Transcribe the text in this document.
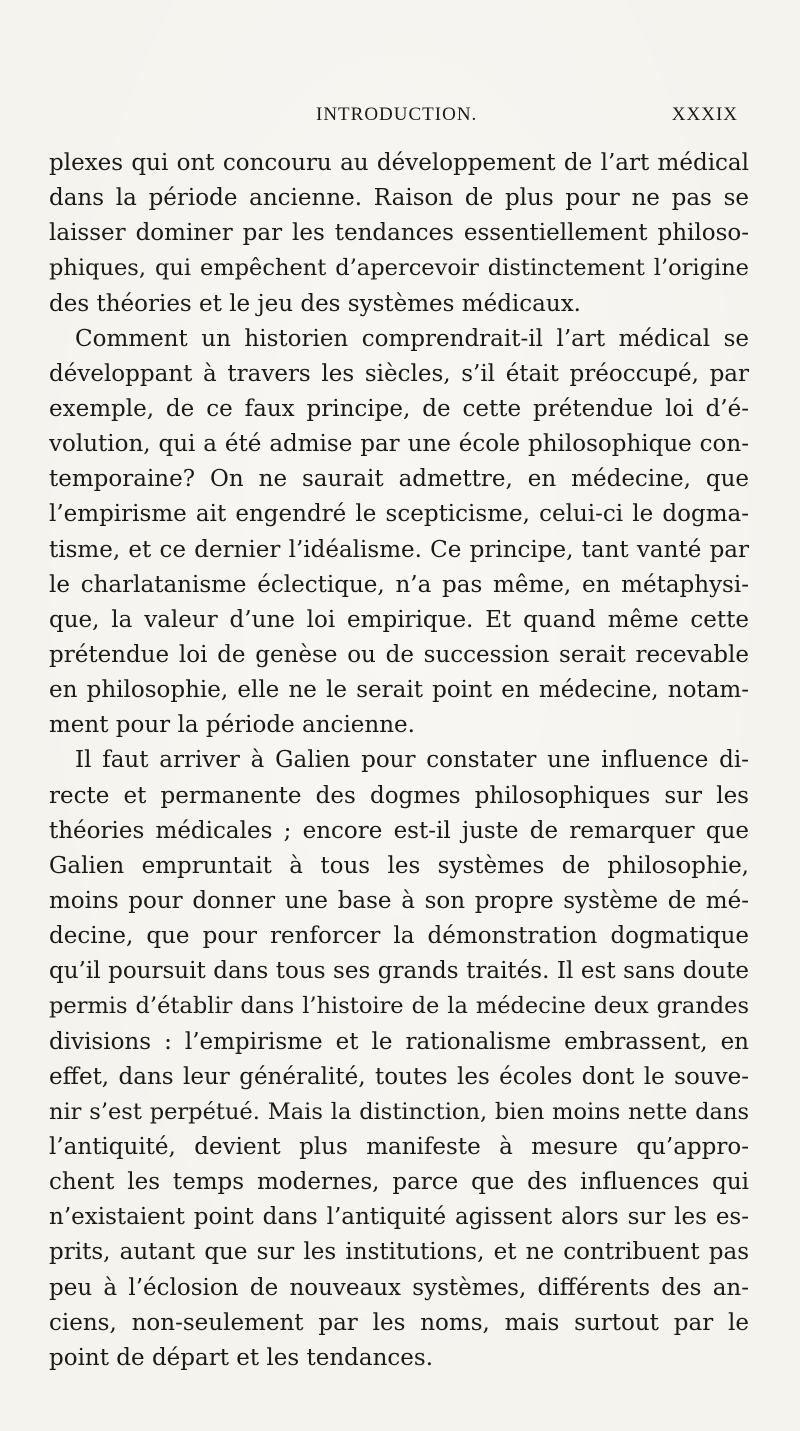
INTRODUCTION.	XXXIX
plexes qui ont concouru au développement de l’art médical
dans la période ancienne. Raison de plus pour ne pas se
laisser dominer par les tendances essentiellement philoso-
phiques, qui empêchent d’apercevoir distinctement l’origine
des théories et le jeu des systèmes médicaux.
Comment un historien comprendrait-il l’art médical se
développant à travers les siècles, s’il était préoccupé, par
exemple, de ce faux principe, de cette prétendue loi d’é-
volution, qui a été admise par une école philosophique con-
temporaine? On ne saurait admettre, en médecine, que
l’empirisme ait engendré le scepticisme, celui-ci le dogma-
tisme, et ce dernier l’idéalisme. Ce principe, tant vanté par
le charlatanisme éclectique, n’a pas même, en métaphysi-
que, la valeur d’une loi empirique. Et quand même cette
prétendue loi de genèse ou de succession serait recevable
en philosophie, elle ne le serait point en médecine, notam-
ment pour la période ancienne.
Il faut arriver à Galien pour constater une influence di-
recte et permanente des dogmes philosophiques sur les
théories médicales ; encore est-il juste de remarquer que
Galien empruntait à tous les systèmes de philosophie,
moins pour donner une base à son propre système de mé-
decine, que pour renforcer la démonstration dogmatique
qu’il poursuit dans tous ses grands traités. Il est sans doute
permis d’établir dans l’histoire de la médecine deux grandes
divisions : l’empirisme et le rationalisme embrassent, en
effet, dans leur généralité, toutes les écoles dont le souve-
nir s’est perpétué. Mais la distinction, bien moins nette dans
l’antiquité, devient plus manifeste à mesure qu’appro-
chent les temps modernes, parce que des influences qui
n’existaient point dans l’antiquité agissent alors sur les es-
prits, autant que sur les institutions, et ne contribuent pas
peu à l’éclosion de nouveaux systèmes, différents des an-
ciens, non-seulement par les noms, mais surtout par le
point de départ et les tendances.
